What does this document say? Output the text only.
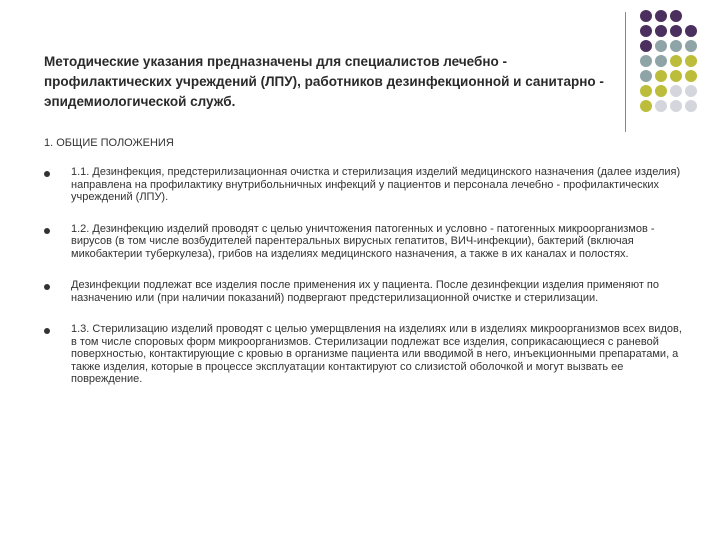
Методические указания предназначены для специалистов лечебно - профилактических учреждений (ЛПУ), работников дезинфекционной и санитарно - эпидемиологической служб.
1. ОБЩИЕ ПОЛОЖЕНИЯ
1.1. Дезинфекция, предстерилизационная очистка и стерилизация изделий медицинского назначения (далее изделия) направлена на профилактику внутрибольничных инфекций у пациентов и персонала лечебно - профилактических учреждений (ЛПУ).
1.2. Дезинфекцию изделий проводят с целью уничтожения патогенных и условно - патогенных микроорганизмов - вирусов (в том числе возбудителей парентеральных вирусных гепатитов, ВИЧ-инфекции), бактерий (включая микобактерии туберкулеза), грибов на изделиях медицинского назначения, а также в их каналах и полостях.
Дезинфекции подлежат все изделия после применения их у пациента. После дезинфекции изделия применяют по назначению или (при наличии показаний) подвергают предстерилизационной очистке и стерилизации.
1.3. Стерилизацию изделий проводят с целью умерщвления на изделиях или в изделиях микроорганизмов всех видов, в том числе споровых форм микроорганизмов. Стерилизации подлежат все изделия, соприкасающиеся с раневой поверхностью, контактирующие с кровью в организме пациента или вводимой в него, инъекционными препаратами, а также изделия, которые в процессе эксплуатации контактируют со слизистой оболочкой и могут вызвать ее повреждение.
